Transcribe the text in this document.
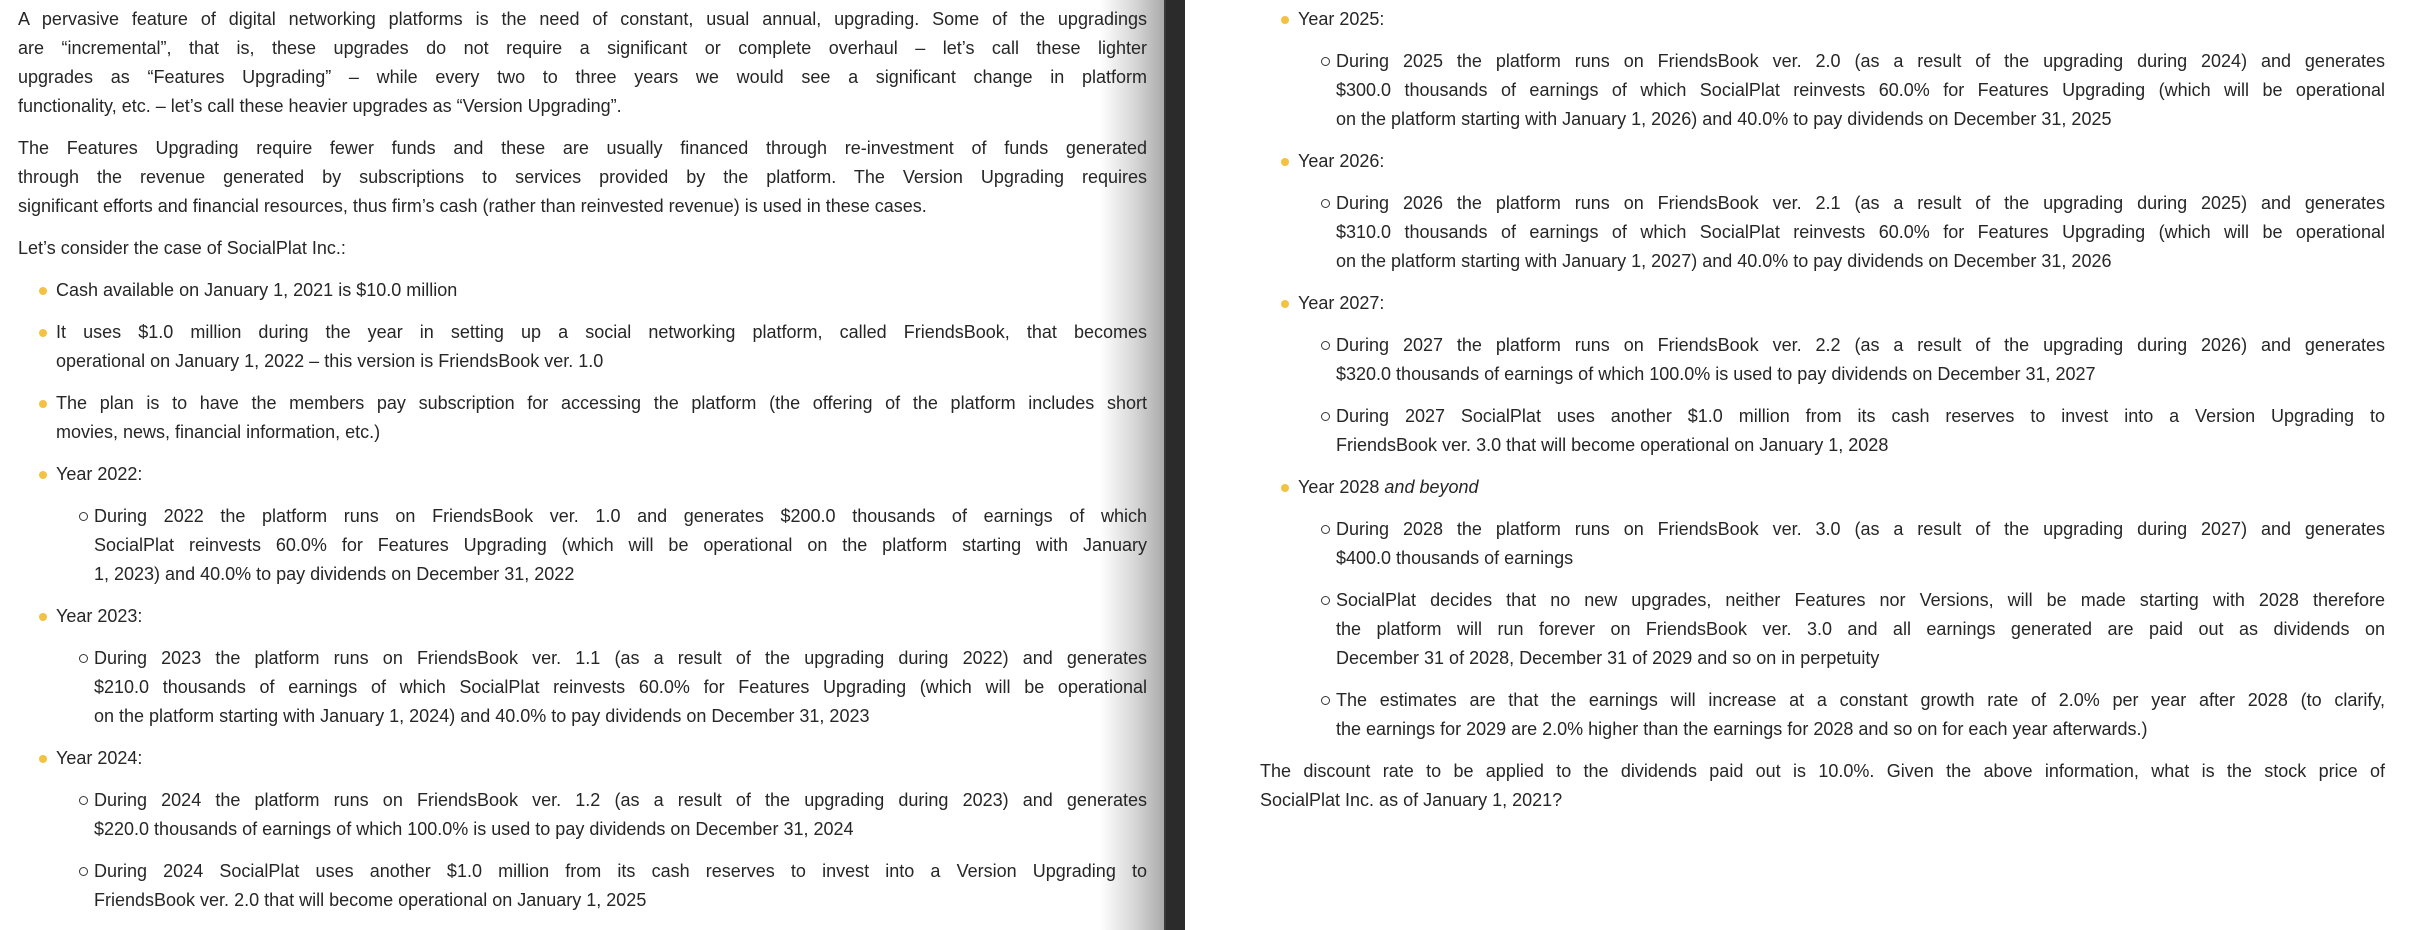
A pervasive feature of digital networking platforms is the need of constant, usual annual, upgrading. Some of the upgradings
are “incremental”, that is, these upgrades do not require a significant or complete overhaul – let’s call these lighter
upgrades as “Features Upgrading” – while every two to three years we would see a significant change in platform
functionality, etc. – let’s call these heavier upgrades as “Version Upgrading”.
The Features Upgrading require fewer funds and these are usually financed through re-investment of funds generated
through the revenue generated by subscriptions to services provided by the platform. The Version Upgrading requires
significant efforts and financial resources, thus firm’s cash (rather than reinvested revenue) is used in these cases.
Let’s consider the case of SocialPlat Inc.:
Cash available on January 1, 2021 is $10.0 million
It uses $1.0 million during the year in setting up a social networking platform, called FriendsBook, that becomes
operational on January 1, 2022 – this version is FriendsBook ver. 1.0
The plan is to have the members pay subscription for accessing the platform (the offering of the platform includes short
movies, news, financial information, etc.)
Year 2022:
During 2022 the platform runs on FriendsBook ver. 1.0 and generates $200.0 thousands of earnings of which
SocialPlat reinvests 60.0% for Features Upgrading (which will be operational on the platform starting with January
1, 2023) and 40.0% to pay dividends on December 31, 2022
Year 2023:
During 2023 the platform runs on FriendsBook ver. 1.1 (as a result of the upgrading during 2022) and generates
$210.0 thousands of earnings of which SocialPlat reinvests 60.0% for Features Upgrading (which will be operational
on the platform starting with January 1, 2024) and 40.0% to pay dividends on December 31, 2023
Year 2024:
During 2024 the platform runs on FriendsBook ver. 1.2 (as a result of the upgrading during 2023) and generates
$220.0 thousands of earnings of which 100.0% is used to pay dividends on December 31, 2024
During 2024 SocialPlat uses another $1.0 million from its cash reserves to invest into a Version Upgrading to
FriendsBook ver. 2.0 that will become operational on January 1, 2025
Year 2025:
During 2025 the platform runs on FriendsBook ver. 2.0 (as a result of the upgrading during 2024) and generates
$300.0 thousands of earnings of which SocialPlat reinvests 60.0% for Features Upgrading (which will be operational
on the platform starting with January 1, 2026) and 40.0% to pay dividends on December 31, 2025
Year 2026:
During 2026 the platform runs on FriendsBook ver. 2.1 (as a result of the upgrading during 2025) and generates
$310.0 thousands of earnings of which SocialPlat reinvests 60.0% for Features Upgrading (which will be operational
on the platform starting with January 1, 2027) and 40.0% to pay dividends on December 31, 2026
Year 2027:
During 2027 the platform runs on FriendsBook ver. 2.2 (as a result of the upgrading during 2026) and generates
$320.0 thousands of earnings of which 100.0% is used to pay dividends on December 31, 2027
During 2027 SocialPlat uses another $1.0 million from its cash reserves to invest into a Version Upgrading to
FriendsBook ver. 3.0 that will become operational on January 1, 2028
Year 2028 and beyond
During 2028 the platform runs on FriendsBook ver. 3.0 (as a result of the upgrading during 2027) and generates
$400.0 thousands of earnings
SocialPlat decides that no new upgrades, neither Features nor Versions, will be made starting with 2028 therefore
the platform will run forever on FriendsBook ver. 3.0 and all earnings generated are paid out as dividends on
December 31 of 2028, December 31 of 2029 and so on in perpetuity
The estimates are that the earnings will increase at a constant growth rate of 2.0% per year after 2028 (to clarify,
the earnings for 2029 are 2.0% higher than the earnings for 2028 and so on for each year afterwards.)
The discount rate to be applied to the dividends paid out is 10.0%. Given the above information, what is the stock price of
SocialPlat Inc. as of January 1, 2021?
